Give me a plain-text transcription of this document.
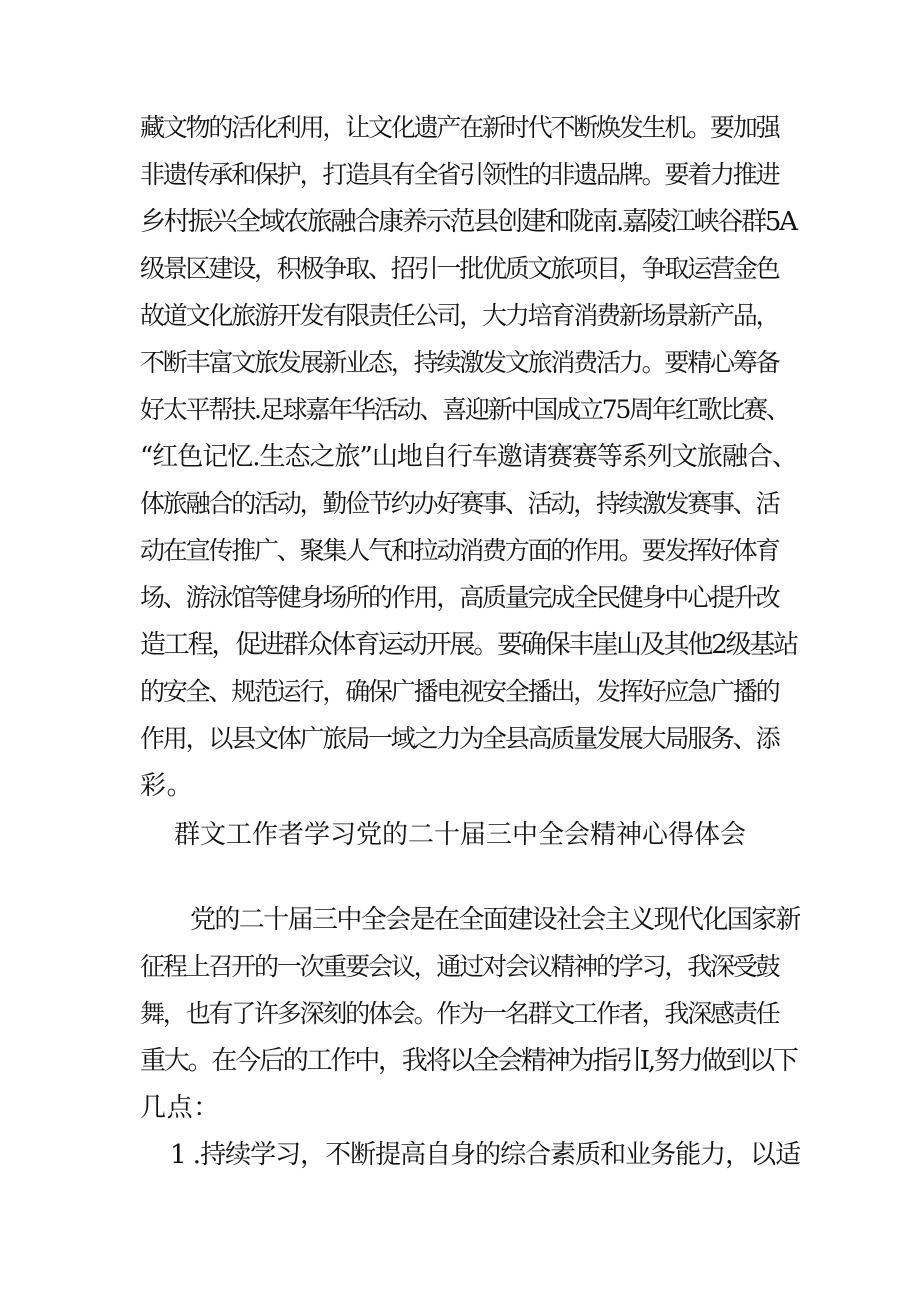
藏文物的活化利用，让文化遗产在新时代不断焕发生机。要加强
非遗传承和保护，打造具有全省引领性的非遗品牌。要着力推进
乡村振兴全域农旅融合康养示范县创建和陇南.嘉陵江峡谷群5A
级景区建设，积极争取、招引一批优质文旅项目，争取运营金色
故道文化旅游开发有限责任公司，大力培育消费新场景新产品，
不断丰富文旅发展新业态，持续激发文旅消费活力。要精心筹备
好太平帮扶.足球嘉年华活动、喜迎新中国成立75周年红歌比赛、
“红色记忆.生态之旅”山地自行车邀请赛赛等系列文旅融合、
体旅融合的活动，勤俭节约办好赛事、活动，持续激发赛事、活
动在宣传推广、聚集人气和拉动消费方面的作用。要发挥好体育
场、游泳馆等健身场所的作用，高质量完成全民健身中心提升改
造工程，促进群众体育运动开展。要确保丰崖山及其他2级基站
的安全、规范运行，确保广播电视安全播出，发挥好应急广播的
作用，以县文体广旅局一域之力为全县高质量发展大局服务、添
彩。
群文工作者学习党的二十届三中全会精神心得体会
党的二十届三中全会是在全面建设社会主义现代化国家新
征程上召开的一次重要会议，通过对会议精神的学习，我深受鼓
舞，也有了许多深刻的体会。作为一名群文工作者，我深感责任
重大。在今后的工作中，我将以全会精神为指引I,努力做到以下
几点：
1 .持续学习，不断提高自身的综合素质和业务能力，以适
